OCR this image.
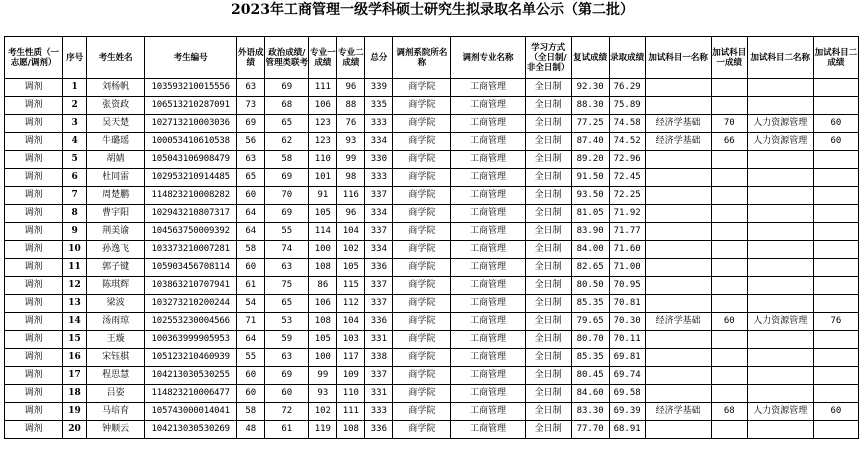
2023年工商管理一级学科硕士研究生拟录取名单公示（第二批）
考生性质（一志愿/调剂）	序号	考生姓名	考生编号	外语成绩	政治成绩/管理类联考	专业一成绩	专业二成绩	总分	调剂系院所名称	调剂专业名称	学习方式（全日制/非全日制）	复试成绩	录取成绩	加试科目一名称	加试科目一成绩	加试科目二名称	加试科目二成绩
调剂	1	刘杨帆	103593210015556	63	69	111	96	339	商学院	工商管理	全日制	92.30	76.29				
调剂	2	张资政	106513210287091	73	68	106	88	335	商学院	工商管理	全日制	88.30	75.89				
调剂	3	吴天楚	102713210003036	69	65	123	76	333	商学院	工商管理	全日制	77.25	74.58	经济学基础	70	人力资源管理	60
调剂	4	牛璐瑶	100053410610538	56	62	123	93	334	商学院	工商管理	全日制	87.40	74.52	经济学基础	66	人力资源管理	60
调剂	5	胡婧	105043106908479	63	58	110	99	330	商学院	工商管理	全日制	89.20	72.96				
调剂	6	杜同雷	102953210914485	65	69	101	98	333	商学院	工商管理	全日制	91.50	72.45				
调剂	7	周楚鹏	114823210008282	60	70	91	116	337	商学院	工商管理	全日制	93.50	72.25				
调剂	8	曹宇阳	102943210807317	64	69	105	96	334	商学院	工商管理	全日制	81.05	71.92				
调剂	9	荆美谕	104563750009392	64	55	114	104	337	商学院	工商管理	全日制	83.90	71.77				
调剂	10	孙逸飞	103373210007281	58	74	100	102	334	商学院	工商管理	全日制	84.00	71.60				
调剂	11	郭子键	105903456708114	60	63	108	105	336	商学院	工商管理	全日制	82.65	71.00				
调剂	12	陈琪辉	103863210707941	61	75	86	115	337	商学院	工商管理	全日制	80.50	70.95				
调剂	13	梁波	103273210200244	54	65	106	112	337	商学院	工商管理	全日制	85.35	70.81				
调剂	14	汤雨琼	102553230004566	71	53	108	104	336	商学院	工商管理	全日制	79.65	70.30	经济学基础	60	人力资源管理	76
调剂	15	王璇	100363999905953	64	59	105	103	331	商学院	工商管理	全日制	80.70	70.11				
调剂	16	宋钰棋	105123210460939	55	63	100	117	338	商学院	工商管理	全日制	85.35	69.81				
调剂	17	程思慧	104213030530255	60	69	99	109	337	商学院	工商管理	全日制	80.45	69.74				
调剂	18	吕姿	114823210006477	60	60	93	110	331	商学院	工商管理	全日制	84.60	69.58				
调剂	19	马培育	105743000014041	58	72	102	111	333	商学院	工商管理	全日制	83.30	69.39	经济学基础	68	人力资源管理	60
调剂	20	钟顺云	104213030530269	48	61	119	108	336	商学院	工商管理	全日制	77.70	68.91				
